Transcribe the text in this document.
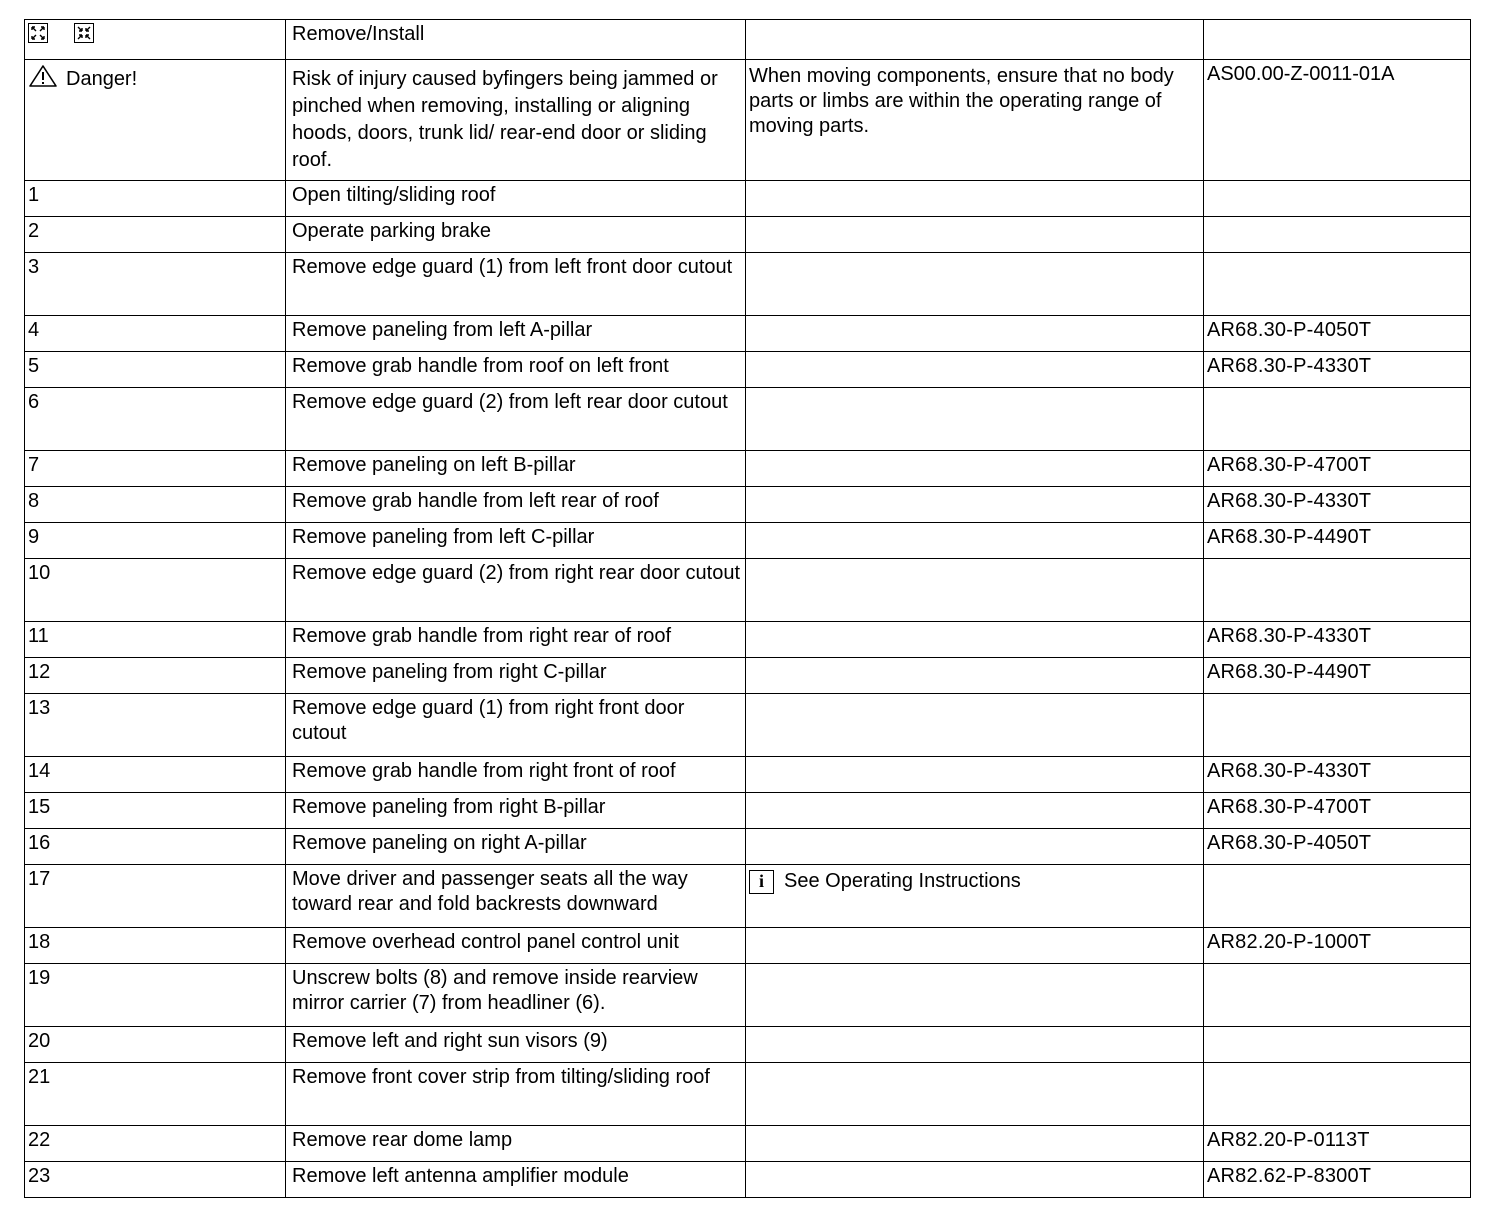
	Remove/Install		
Danger!	Risk of injury caused byfingers being jammed or pinched when removing, installing or aligning hoods, doors, trunk lid/ rear-end door or sliding roof.	When moving components, ensure that no body parts or limbs are within the operating range of moving parts.	AS00.00-Z-0011-01A
1	Open tilting/sliding roof		
2	Operate parking brake		
3	Remove edge guard (1) from left front door cutout		
4	Remove paneling from left A-pillar		AR68.30-P-4050T
5	Remove grab handle from roof on left front		AR68.30-P-4330T
6	Remove edge guard (2) from left rear door cutout		
7	Remove paneling on left B-pillar		AR68.30-P-4700T
8	Remove grab handle from left rear of roof		AR68.30-P-4330T
9	Remove paneling from left C-pillar		AR68.30-P-4490T
10	Remove edge guard (2) from right rear door cutout		
11	Remove grab handle from right rear of roof		AR68.30-P-4330T
12	Remove paneling from right C-pillar		AR68.30-P-4490T
13	Remove edge guard (1) from right front door cutout		
14	Remove grab handle from right front of roof		AR68.30-P-4330T
15	Remove paneling from right B-pillar		AR68.30-P-4700T
16	Remove paneling on right A-pillar		AR68.30-P-4050T
17	Move driver and passenger seats all the way toward rear and fold backrests downward	i See Operating Instructions	
18	Remove overhead control panel control unit		AR82.20-P-1000T
19	Unscrew bolts (8) and remove inside rearview mirror carrier (7) from headliner (6).		
20	Remove left and right sun visors (9)		
21	Remove front cover strip from tilting/sliding roof		
22	Remove rear dome lamp		AR82.20-P-0113T
23	Remove left antenna amplifier module		AR82.62-P-8300T
